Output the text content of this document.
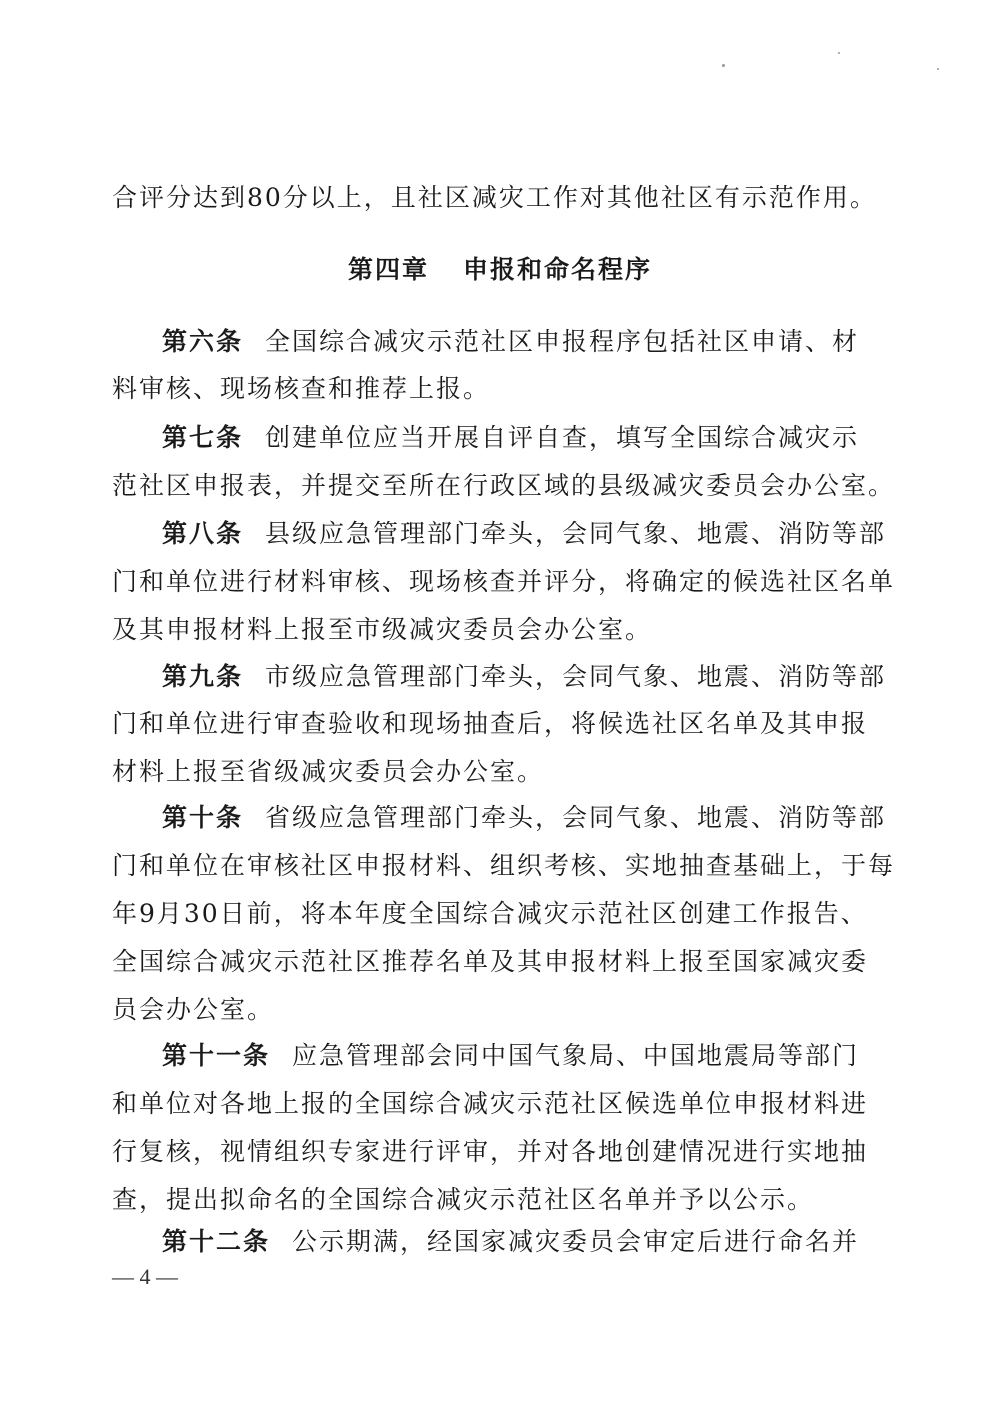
合评分达到80分以上，且社区减灾工作对其他社区有示范作用。
第四章 申报和命名程序
第六条 全国综合减灾示范社区申报程序包括社区申请、材
料审核、现场核查和推荐上报。
第七条 创建单位应当开展自评自查，填写全国综合减灾示
范社区申报表，并提交至所在行政区域的县级减灾委员会办公室。
第八条 县级应急管理部门牵头，会同气象、地震、消防等部
门和单位进行材料审核、现场核查并评分，将确定的候选社区名单
及其申报材料上报至市级减灾委员会办公室。
第九条 市级应急管理部门牵头，会同气象、地震、消防等部
门和单位进行审查验收和现场抽查后，将候选社区名单及其申报
材料上报至省级减灾委员会办公室。
第十条 省级应急管理部门牵头，会同气象、地震、消防等部
门和单位在审核社区申报材料、组织考核、实地抽查基础上，于每
年9月30日前，将本年度全国综合减灾示范社区创建工作报告、
全国综合减灾示范社区推荐名单及其申报材料上报至国家减灾委
员会办公室。
第十一条 应急管理部会同中国气象局、中国地震局等部门
和单位对各地上报的全国综合减灾示范社区候选单位申报材料进
行复核，视情组织专家进行评审，并对各地创建情况进行实地抽
查，提出拟命名的全国综合减灾示范社区名单并予以公示。
第十二条 公示期满，经国家减灾委员会审定后进行命名并
— 4 —
